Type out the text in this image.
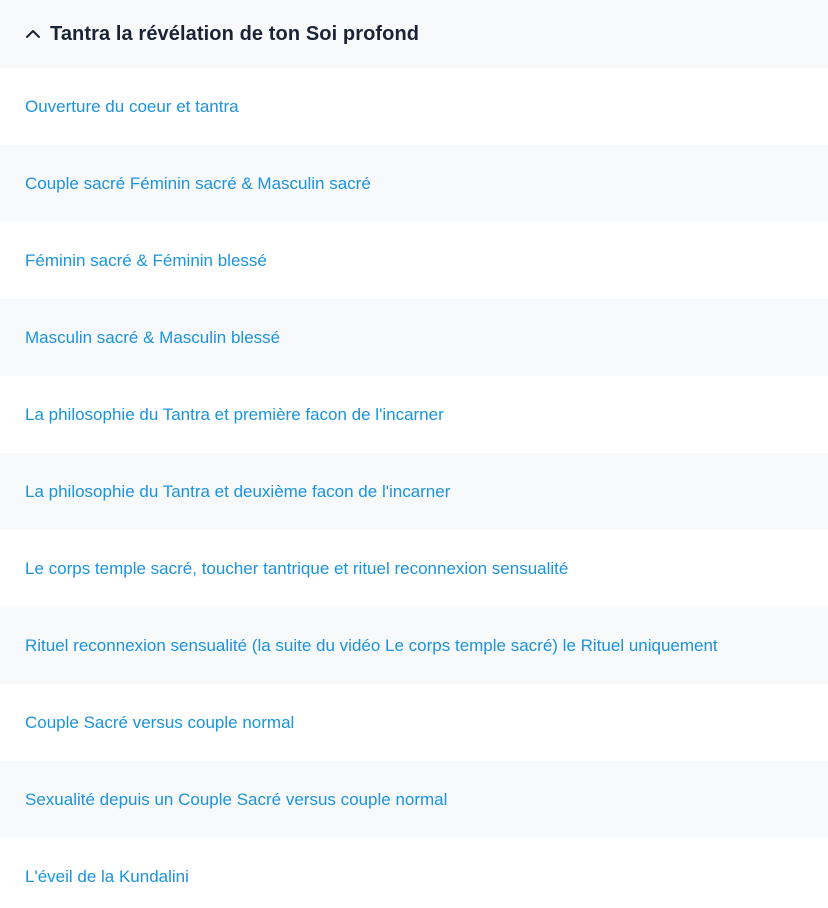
Tantra la révélation de ton Soi profond
Ouverture du coeur et tantra
Couple sacré Féminin sacré & Masculin sacré
Féminin sacré & Féminin blessé
Masculin sacré & Masculin blessé
La philosophie du Tantra et première facon de l'incarner
La philosophie du Tantra et deuxième facon de l'incarner
Le corps temple sacré, toucher tantrique et rituel reconnexion sensualité
Rituel reconnexion sensualité (la suite du vidéo Le corps temple sacré) le Rituel uniquement
Couple Sacré versus couple normal
Sexualité depuis un Couple Sacré versus couple normal
L'éveil de la Kundalini
